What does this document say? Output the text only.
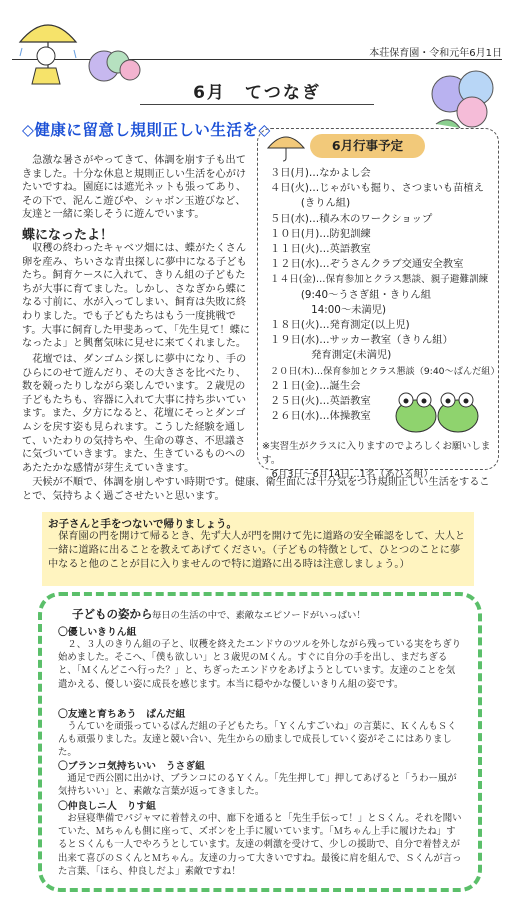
本荘保育園・令和元年6月1日
6月　てつなぎ
◇健康に留意し規則正しい生活を◇
急激な暑さがやってきて、体調を崩す子も出てきました。十分な休息と規則正しい生活を心がけたいですね。園庭には遮光ネットも張ってあり、その下で、泥んこ遊びや、シャボン玉遊びなど、友達と一緒に楽しそうに遊んでいます。
蝶になったよ！
収穫の終わったキャベツ畑には、蝶がたくさん卵を産み、ちいさな青虫探しに夢中になる子どもたち。飼育ケースに入れて、きりん組の子どもたちが大事に育てました。しかし、さなぎから蝶になる寸前に、水が入ってしまい、飼育は失敗に終わりました。でも子どもたちはもう一度挑戦です。大事に飼育した甲斐あって、「先生見て！蝶になったよ」と興奮気味に見せに来てくれました。
花壇では、ダンゴムシ探しに夢中になり、手のひらにのせて遊んだり、その大きさを比べたり、数を競ったりしながら楽しんでいます。２歳児の子どもたちも、容器に入れて大事に持ち歩いています。また、夕方になると、花壇にそっとダンゴムシを戻す姿も見られます。こうした経験を通して、いたわりの気持ちや、生命の尊さ、不思議さに気づいていきます。また、生きているものへのあたたかな感情が芽生えていきます。
天候が不順で、体調を崩しやすい時期です。健康、衛生面には十分気をつけ規則正しい生活をすることで、気持ちよく過ごさせたいと思います。
6月行事予定
３日(月)…なかよし会
４日(火)…じゃがいも掘り、さつまいも苗植え
　　　(きりん組)
５日(水)…積み木のワークショップ
１０日(月)…防犯訓練
１１日(火)…英語教室
１２日(水)…ぞうさんクラブ交通安全教室
１４日(金)…保育参加とクラス懇談、親子避難訓練
　　　(9:40～うさぎ組・きりん組
　　　　14:00～未満児)
１８日(火)…発育測定(以上児)
１９日(水)…サッカー教室（きりん組）
　　　　発育測定(未満児)
２０日(木)…保育参加とクラス懇談（9:40～ぱんだ組）
２１日(金)…誕生会
２５日(火)…英語教室
２６日(水)…体操教室
※実習生がクラスに入りますのでよろしくお願いします。
　6月3日～6月14日…1名（あひる組）
お子さんと手をつないで帰りましょう。
保育園の門を開けて帰るとき、先ず大人が門を開けて先に道路の安全確認をして、大人と一緒に道路に出ることを教えてあげてください。（子どもの特徴として、ひとつのことに夢中なると他のことが目に入りませんので特に道路に出る時は注意しましょう。）
子どもの姿から 毎日の生活の中で、素敵なエピソードがいっぱい！
〇優しいきりん組
２、３人のきりん組の子と、収穫を終えたエンドウのツルを外しながら残っている実をちぎり始めました。そこへ、「僕も欲しい」と３歳児のＭくん。すぐに自分の手を出し、まだちぎると、「Ｍくんどこへ行った？」と、ちぎったエンドウをあげようとしています。友達のことを気遣かえる、優しい姿に成長を感じます。本当に穏やかな優しいきりん組の姿です。
〇友達と育ちあう　ぱんだ組
うんていを頑張っているぱんだ組の子どもたち。「Ｙくんすごいね」の言葉に、ＫくんもＳくんも頑張りました。友達と競い合い、先生からの励ましで成長していく姿がそこにはありました。
〇ブランコ気持ちいい　うさぎ組
通足で西公園に出かけ、ブランコにのるＹくん。「先生押して」押してあげると「うわー風が気持ちいい」と、素敵な言葉が返ってきました。
〇仲良しニ人　りす組
お昼寝準備でパジャマに着替えの中、廊下を通ると「先生手伝って！」とＳくん。それを聞いていた、Ｍちゃんも側に座って、ズボンを上手に履いています。「Ｍちゃん上手に履けたね」するとＳくんも一人でやろうとしています。友達の刺激を受けて、少しの援助で、自分で着替えが出来て喜びのＳくんとＭちゃん。友達の力って大きいですね。最後に肩を組んで、Ｓくんが言った言葉、「ほら、仲良しだよ」素敵ですね！
